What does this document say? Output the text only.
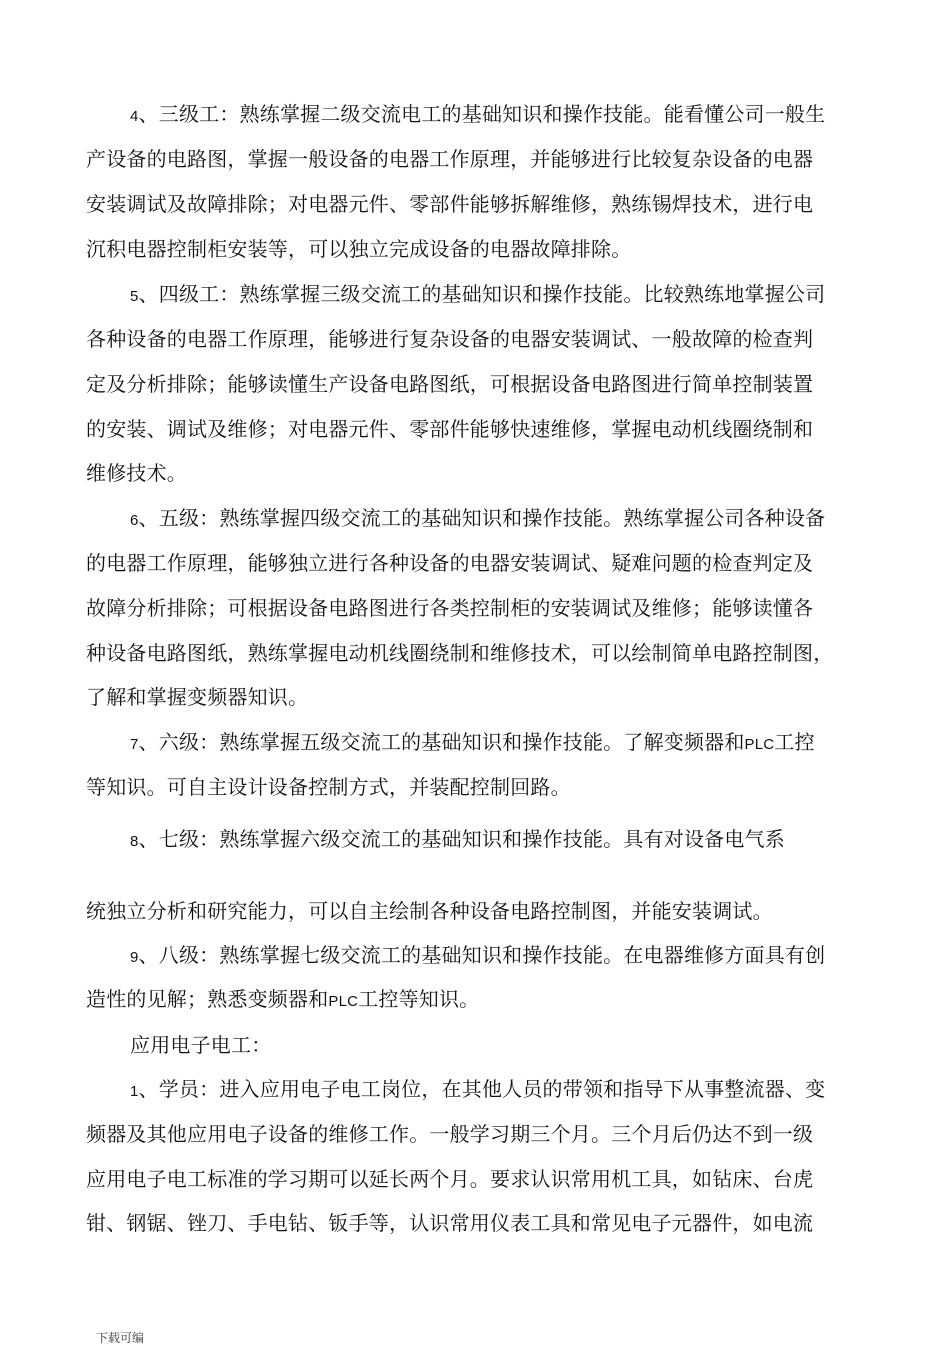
4、三级工：熟练掌握二级交流电工的基础知识和操作技能。能看懂公司一般生
产设备的电路图，掌握一般设备的电器工作原理，并能够进行比较复杂设备的电器
安装调试及故障排除；对电器元件、零部件能够拆解维修，熟练锡焊技术，进行电
沉积电器控制柜安装等，可以独立完成设备的电器故障排除。
5、四级工：熟练掌握三级交流工的基础知识和操作技能。比较熟练地掌握公司
各种设备的电器工作原理，能够进行复杂设备的电器安装调试、一般故障的检查判
定及分析排除；能够读懂生产设备电路图纸，可根据设备电路图进行简单控制装置
的安装、调试及维修；对电器元件、零部件能够快速维修，掌握电动机线圈绕制和
维修技术。
6、五级：熟练掌握四级交流工的基础知识和操作技能。熟练掌握公司各种设备
的电器工作原理，能够独立进行各种设备的电器安装调试、疑难问题的检查判定及
故障分析排除；可根据设备电路图进行各类控制柜的安装调试及维修；能够读懂各
种设备电路图纸，熟练掌握电动机线圈绕制和维修技术，可以绘制简单电路控制图，
了解和掌握变频器知识。
7、六级：熟练掌握五级交流工的基础知识和操作技能。了解变频器和PLC工控
等知识。可自主设计设备控制方式，并装配控制回路。
8、七级：熟练掌握六级交流工的基础知识和操作技能。具有对设备电气系
统独立分析和研究能力，可以自主绘制各种设备电路控制图，并能安装调试。
9、八级：熟练掌握七级交流工的基础知识和操作技能。在电器维修方面具有创
造性的见解；熟悉变频器和PLC工控等知识。
应用电子电工：
1、学员：进入应用电子电工岗位，在其他人员的带领和指导下从事整流器、变
频器及其他应用电子设备的维修工作。一般学习期三个月。三个月后仍达不到一级
应用电子电工标准的学习期可以延长两个月。要求认识常用机工具，如钻床、台虎
钳、钢锯、锉刀、手电钻、钣手等，认识常用仪表工具和常见电子元器件，如电流
下载可编
